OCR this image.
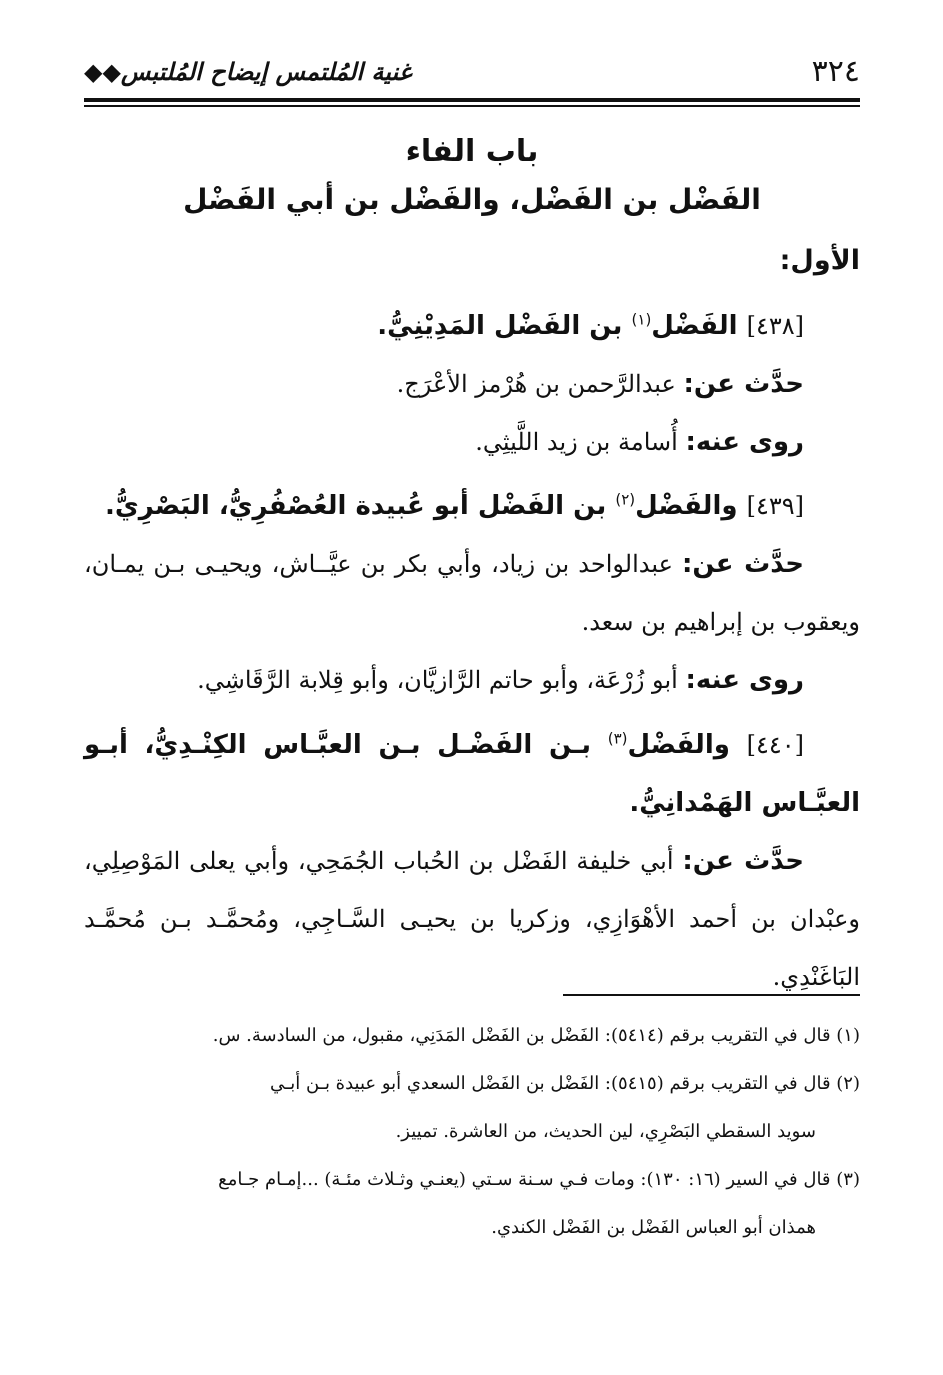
٣٢٤
غنية المُلتمس إيضاح المُلتبس◆◆
باب الفاء
الفَضْل بن الفَضْل، والفَضْل بن أبي الفَضْل

الأول:

[٤٣٨] الفَضْل$^{(١)}$ بن الفَضْل المَدِيْنِيُّ.

حدَّث عن: عبدالرَّحمن بن هُرْمز الأعْرَج.

روى عنه: أُسامة بن زيد اللَّيثِي.

[٤٣٩] والفَضْل$^{(٢)}$ بن الفَضْل أبو عُبيدة العُصْفُرِيُّ، البَصْرِيُّ.

حدَّث عن: عبدالواحد بن زياد، وأبي بكر بن عيَّــاش، ويحيـى بـن يمـان، ويعقوب بن إبراهيم بن سعد.

روى عنه: أبو زُرْعَة، وأبو حاتم الرَّازيَّان، وأبو قِلابة الرَّقَاشِي.

[٤٤٠] والفَضْل$^{(٣)}$ بـن الفَضْـل بـن العبَّـاس الكِنْـدِيُّ، أبـو العبَّـاس الهَمْدانِيُّ.

حدَّث عن: أبي خليفة الفَضْل بن الحُباب الجُمَحِي، وأبي يعلى المَوْصِلِي، وعبْدان بن أحمد الأهْوَازِي، وزكريا بن يحيـى السَّـاجِي، ومُحمَّـد بـن مُحمَّـد البَاغَنْدِي.

(١) قال في التقريب برقم (٥٤١٤): الفَضْل بن الفَضْل المَدَنِي، مقبول، من السادسة. س.

(٢) قال في التقريب برقم (٥٤١٥): الفَضْل بن الفَضْل السعدي أبو عبيدة بـن أبـي

سويد السقطي البَصْرِي، لين الحديث، من العاشرة. تمييز.

(٣) قال في السير (١٦: ١٣٠): ومات فـي سـنة سـتي (يعنـي وثـلاث مئـة) ...إمـام جـامع

همذان أبو العباس الفَضْل بن الفَضْل الكندي.
